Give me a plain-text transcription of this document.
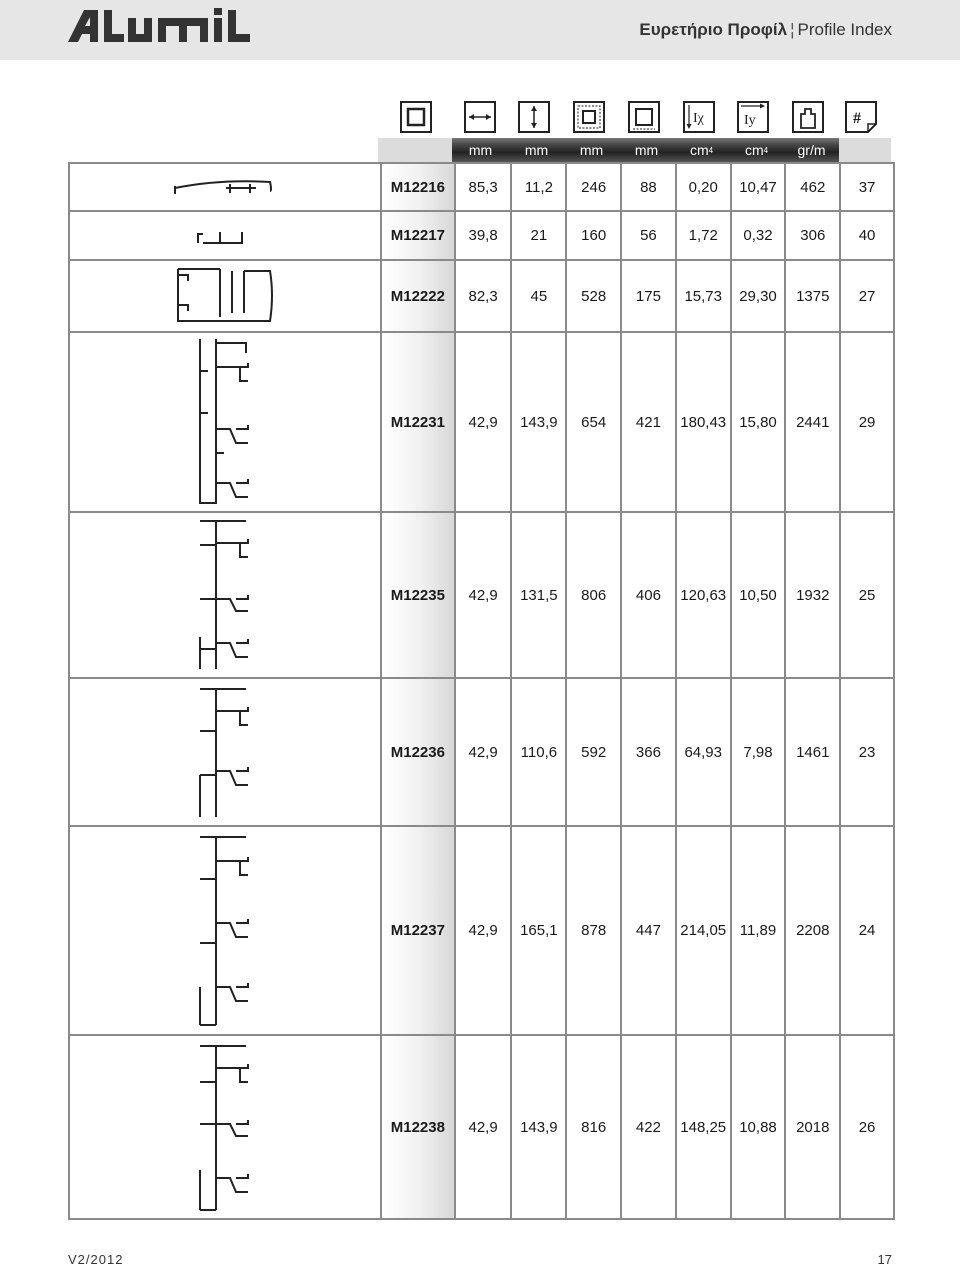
Ευρετήριο Προφίλ ¦ Profile Index
Iχ	Iy	#
mm mm mm mm cm 4 cm 4 gr/m
M12216	85,3	11,2	246	88	0,20	10,47	462	37
M12217	39,8	21	160	56	1,72	0,32	306	40
M12222	82,3	45	528	175	15,73	29,30	1375	27
M12231	42,9	143,9	654	421	180,43 15,80	2441	29
M12235	42,9	131,5	806	406	120,63 10,50	1932	25
M12236	42,9	110,6	592	366	64,93	7,98	1461	23
M12237	42,9	165,1	878	447	214,05 11,89	2208	24
M12238	42,9	143,9	816	422	148,25 10,88	2018	26
V2/2012	17
